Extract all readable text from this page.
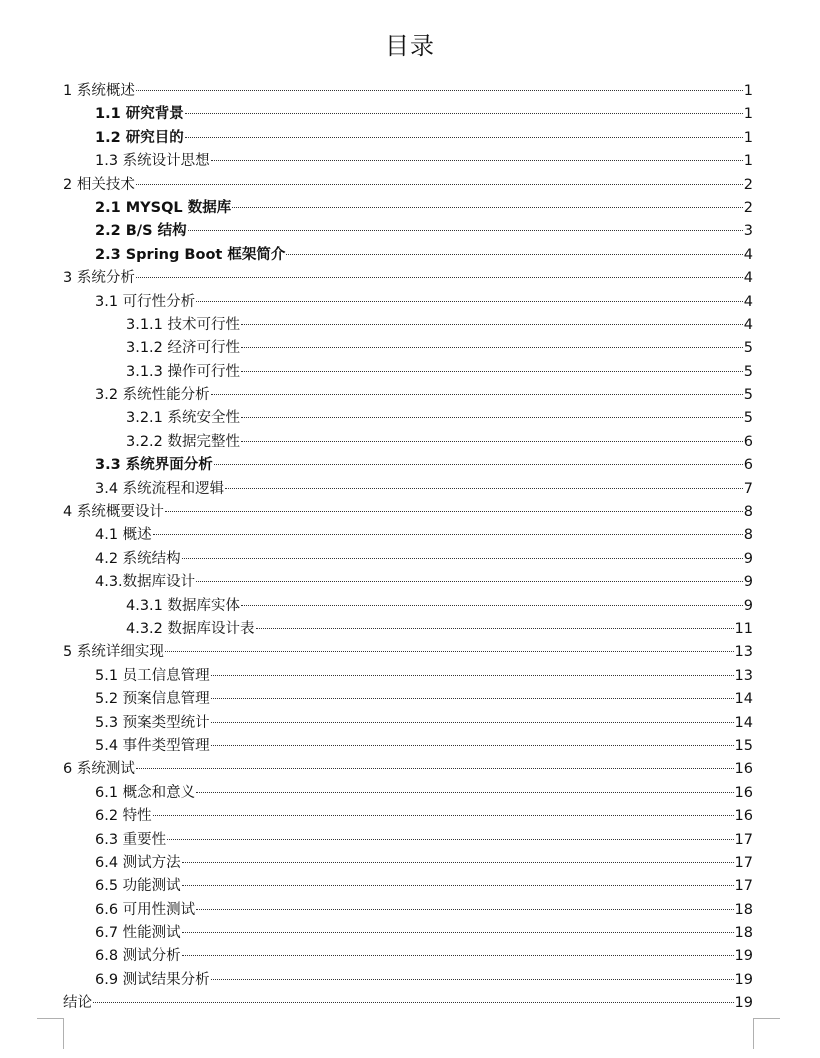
目录
1 系统概述	1
1.1 研究背景	1
1.2 研究目的	1
1.3 系统设计思想	1
2 相关技术	2
2.1 MYSQL 数据库	2
2.2 B/S 结构	3
2.3 Spring Boot 框架简介	4
3 系统分析	4
3.1 可行性分析	4
3.1.1 技术可行性	4
3.1.2 经济可行性	5
3.1.3 操作可行性	5
3.2 系统性能分析	5
3.2.1 系统安全性	5
3.2.2 数据完整性	6
3.3 系统界面分析	6
3.4 系统流程和逻辑	7
4 系统概要设计	8
4.1 概述	8
4.2 系统结构	9
4.3.数据库设计	9
4.3.1 数据库实体	9
4.3.2 数据库设计表	11
5 系统详细实现	13
5.1 员工信息管理	13
5.2 预案信息管理	14
5.3 预案类型统计	14
5.4 事件类型管理	15
6 系统测试	16
6.1 概念和意义	16
6.2 特性	16
6.3 重要性	17
6.4 测试方法	17
6.5 功能测试	17
6.6 可用性测试	18
6.7 性能测试	18
6.8 测试分析	19
6.9 测试结果分析	19
结论	19
